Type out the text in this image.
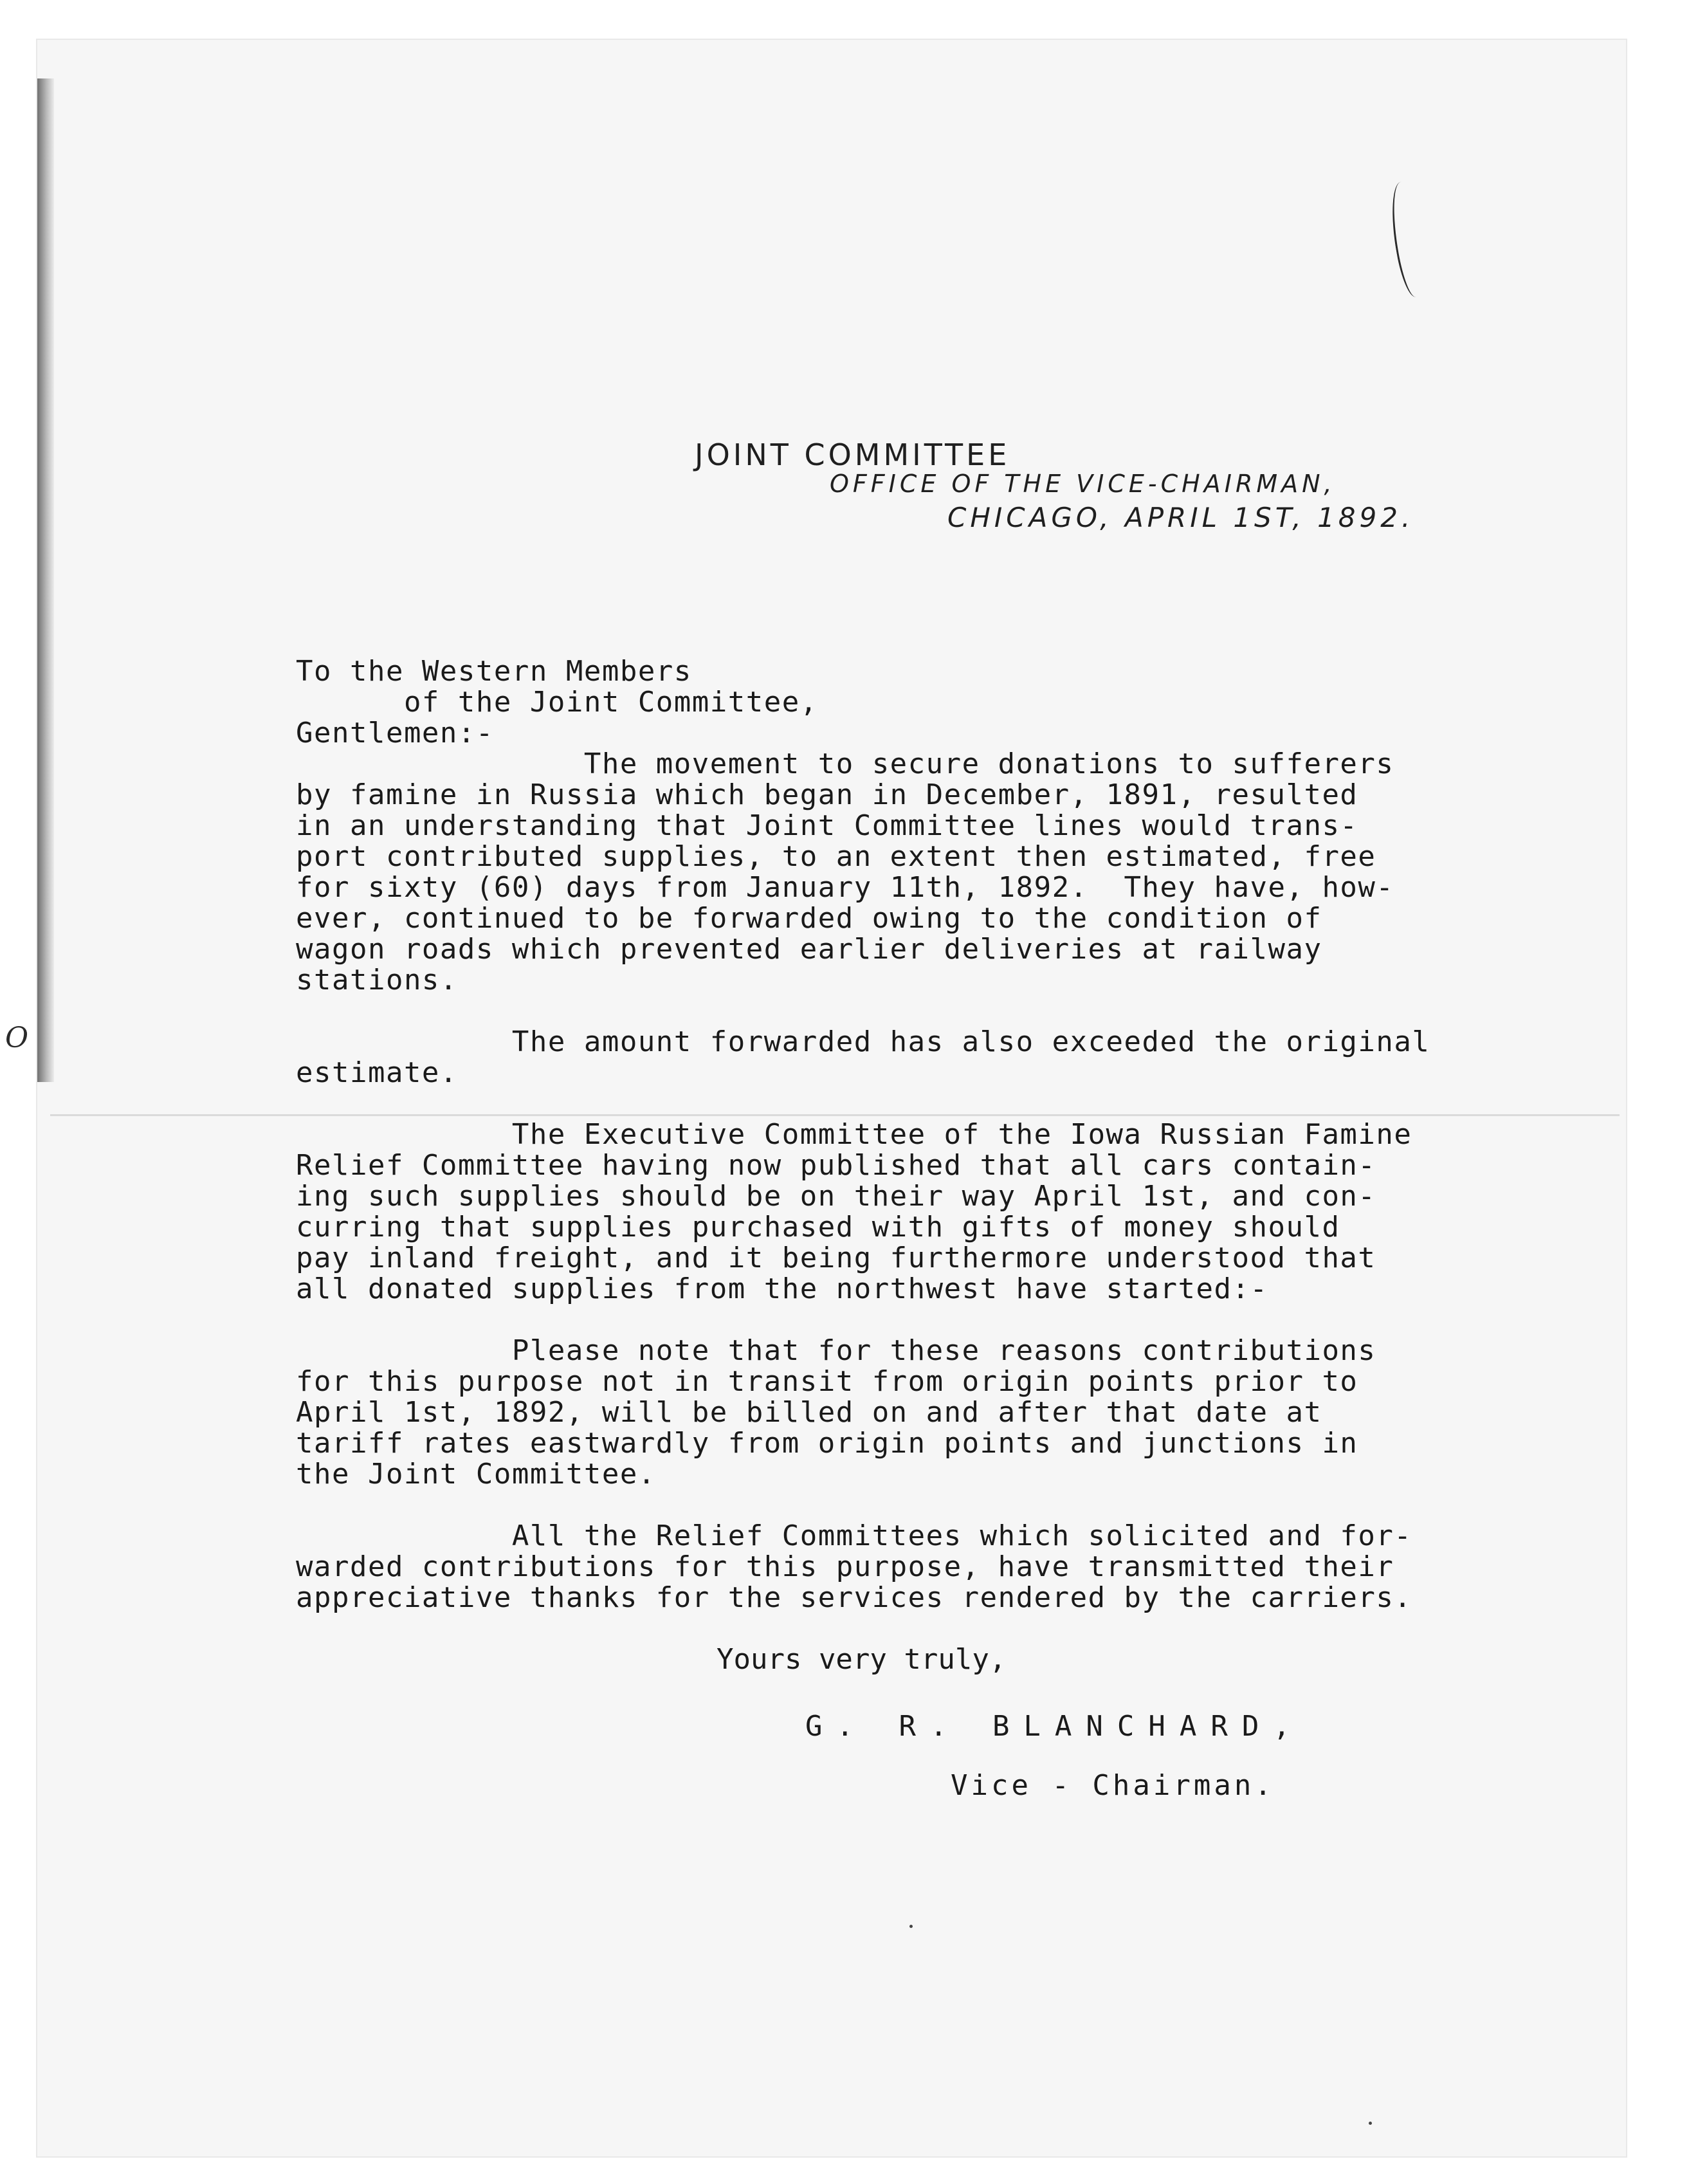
JOINT COMMITTEE
OFFICE OF THE VICE-CHAIRMAN,
CHICAGO, APRIL 1ST, 1892.
To the Western Members
of the Joint Committee,
Gentlemen:-
The movement to secure donations to sufferers
by famine in Russia which began in December, 1891, resulted
in an understanding that Joint Committee lines would trans-
port contributed supplies, to an extent then estimated, free
for sixty (60) days from January 11th, 1892.  They have, how-
ever, continued to be forwarded owing to the condition of
wagon roads which prevented earlier deliveries at railway
stations.
The amount forwarded has also exceeded the original
estimate.
The Executive Committee of the Iowa Russian Famine
Relief Committee having now published that all cars contain-
ing such supplies should be on their way April 1st, and con-
curring that supplies purchased with gifts of money should
pay inland freight, and it being furthermore understood that
all donated supplies from the northwest have started:-
Please note that for these reasons contributions
for this purpose not in transit from origin points prior to
April 1st, 1892, will be billed on and after that date at
tariff rates eastwardly from origin points and junctions in
the Joint Committee.
All the Relief Committees which solicited and for-
warded contributions for this purpose, have transmitted their
appreciative thanks for the services rendered by the carriers.
Yours very truly,
G. R. BLANCHARD,
Vice - Chairman.
O
